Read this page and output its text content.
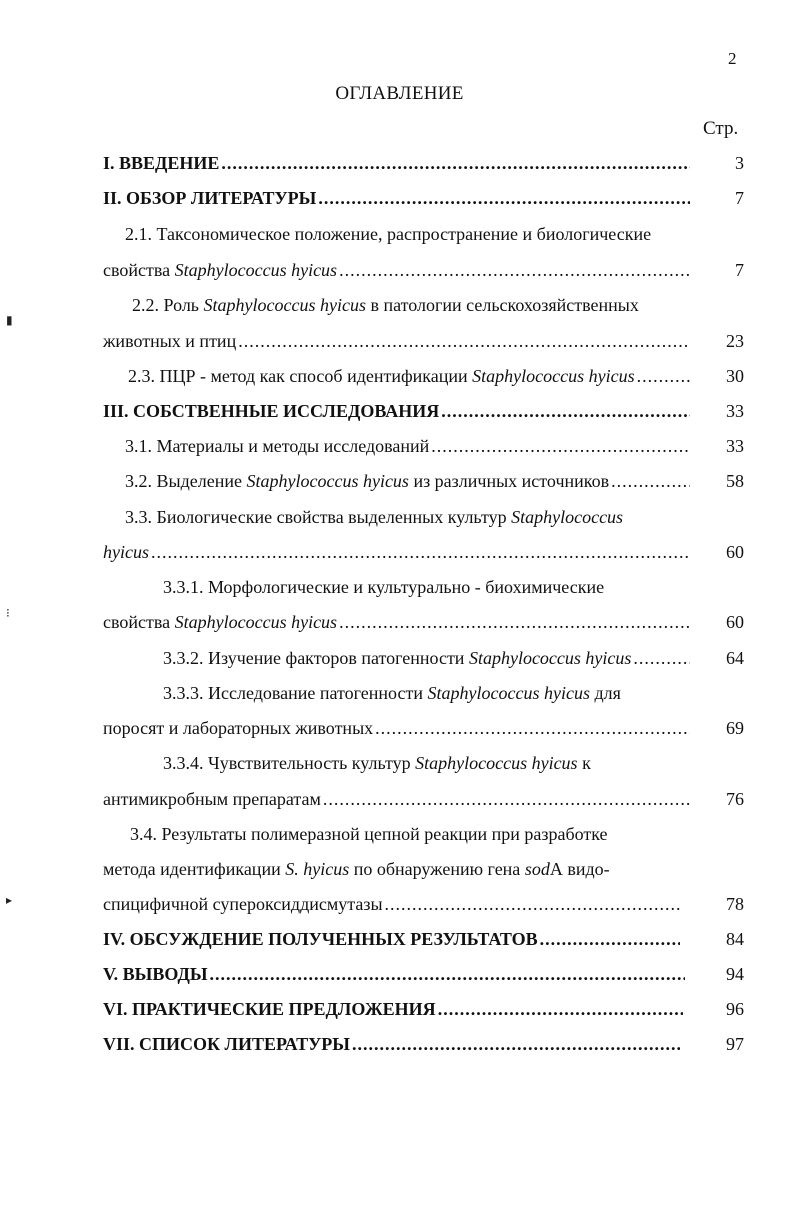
2
ОГЛАВЛЕНИЕ
Стр.
I. ВВЕДЕНИЕ .....	3
II. ОБЗОР ЛИТЕРАТУРЫ .....	7
2.1. Таксономическое положение, распространение и биологические
свойства Staphylococcus hyicus .....	7
2.2. Роль Staphylococcus hyicus в патологии сельскохозяйственных
животных и птиц .....	23
2.3. ПЦР - метод как способ идентификации Staphylococcus hyicus .....	30
III. СОБСТВЕННЫЕ ИССЛЕДОВАНИЯ .....	33
3.1. Материалы и методы исследований .....	33
3.2. Выделение Staphylococcus hyicus из различных источников .....	58
3.3. Биологические свойства выделенных культур Staphylococcus
hyicus .....	60
3.3.1. Морфологические и культурально - биохимические
свойства Staphylococcus hyicus .....	60
3.3.2. Изучение факторов патогенности Staphylococcus hyicus .....	64
3.3.3. Исследование патогенности Staphylococcus hyicus для
поросят и лабораторных животных .....	69
3.3.4. Чувствительность культур Staphylococcus hyicus к
антимикробным препаратам .....	76
3.4. Результаты полимеразной цепной реакции при разработке
метода идентификации S. hyicus по обнаружению гена sodА видо-
спицифичной супероксиддисмутазы .....	78
IV. ОБСУЖДЕНИЕ ПОЛУЧЕННЫХ РЕЗУЛЬТАТОВ .....	84
V. ВЫВОДЫ .....	94
VI. ПРАКТИЧЕСКИЕ ПРЕДЛОЖЕНИЯ .....	96
VII. СПИСОК ЛИТЕРАТУРЫ .....	97
▮
⁝
▸
